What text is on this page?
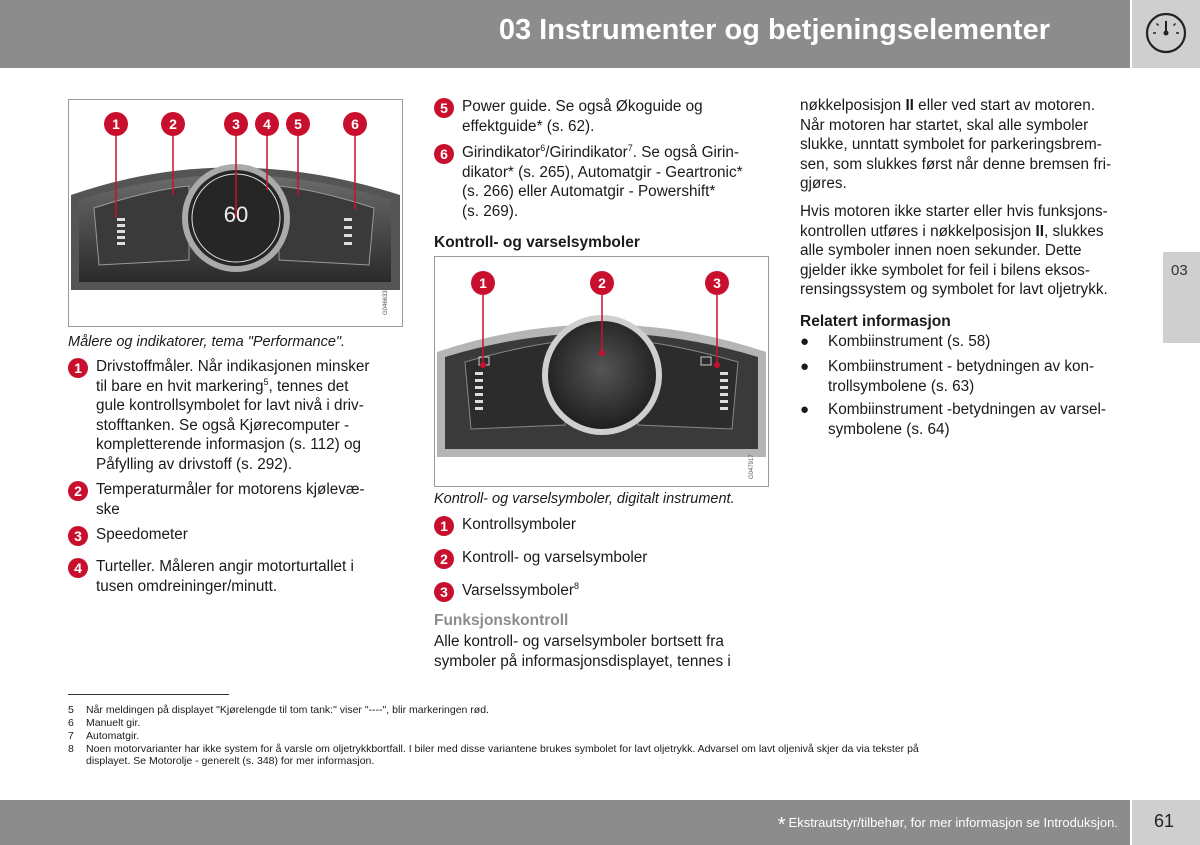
03 Instrumenter og betjeningselementer
03
60
1	2	3 4 5	6
G046633
Målere og indikatorer, tema "Performance".
1 Drivstoffmåler. Når indikasjonen minsker
til bare en hvit markering$^5$, tennes det
gule kontrollsymbolet for lavt nivå i driv-
stofftanken. Se også Kjørecomputer -
kompletterende informasjon (s. 112) og
Påfylling av drivstoff (s. 292).
2 Temperaturmåler for motorens kjølevæ-
ske
3 Speedometer
4 Turteller. Måleren angir motorturtallet i
tusen omdreininger/minutt.
5 Power guide. Se også Økoguide og
effektguide* (s. 62).
6 Girindikator$^6$/Girindikator$^7$. Se også Girin-
dikator* (s. 265), Automatgir - Geartronic*
(s. 266) eller Automatgir - Powershift*
(s. 269).
Kontroll- og varselsymboler
1	2	3
G047917
Kontroll- og varselsymboler, digitalt instrument.
1 Kontrollsymboler
2 Kontroll- og varselsymboler
3 Varselssymboler$^8$
Funksjonskontroll
Alle kontroll- og varselsymboler bortsett fra
symboler på informasjonsdisplayet, tennes i
nøkkelposisjon II eller ved start av motoren.
Når motoren har startet, skal alle symboler
slukke, unntatt symbolet for parkeringsbrem-
sen, som slukkes først når denne bremsen fri-
gjøres.
Hvis motoren ikke starter eller hvis funksjons-
kontrollen utføres i nøkkelposisjon II, slukkes
alle symboler innen noen sekunder. Dette
gjelder ikke symbolet for feil i bilens eksos-
rensingssystem og symbolet for lavt oljetrykk.
Relatert informasjon
●	Kombiinstrument (s. 58)
●	Kombiinstrument - betydningen av kon-
trollsymbolene (s. 63)
●	Kombiinstrument -betydningen av varsel-
symbolene (s. 64)
5	Når meldingen på displayet "Kjørelengde til tom tank:" viser "----", blir markeringen rød.
6	Manuelt gir.
7	Automatgir.
8	Noen motorvarianter har ikke system for å varsle om oljetrykkbortfall. I biler med disse variantene brukes symbolet for lavt oljetrykk. Advarsel om lavt oljenivå skjer da via tekster på
displayet. Se Motorolje - generelt (s. 348) for mer informasjon.
* Ekstrautstyr/tilbehør, for mer informasjon se Introduksjon. 61
